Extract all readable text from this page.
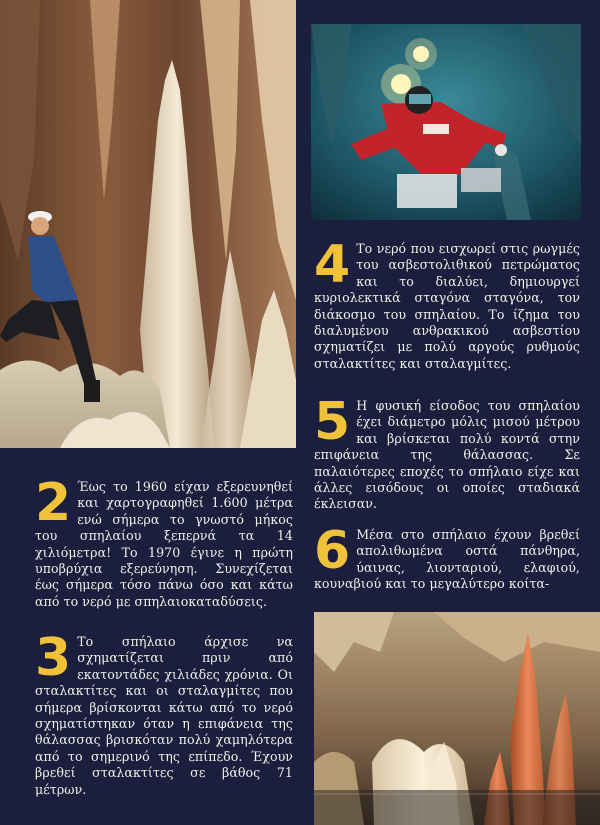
4 Το νερό που εισχωρεί στις ρωγμές του ασβεστολιθικού πετρώματος και το διαλύει, δημιουργεί κυριολεκτικά σταγόνα σταγόνα, τον διάκοσμο του σπηλαίου. Το ίζημα του διαλυμένου ανθρακικού ασβεστίου σχηματίζει με πολύ αργούς ρυθμούς σταλακτίτες και σταλαγμίτες.
5 Η φυσική είσοδος του σπηλαίου έχει διάμετρο μόλις μισού μέτρου και βρίσκεται πολύ κοντά στην επιφάνεια της θάλασσας. Σε παλαιότερες εποχές το σπήλαιο είχε και άλλες εισόδους οι οποίες σταδιακά έκλεισαν.
6 Μέσα στο σπήλαιο έχουν βρεθεί απολιθωμένα οστά πάνθηρα, ύαινας, λιονταριού, ελαφιού, κουναβιού και το μεγαλύτερο κοίτα-
2 Έως το 1960 είχαν εξερευνηθεί και χαρτογραφηθεί 1.600 μέτρα ενώ σήμερα το γνωστό μήκος του σπηλαίου ξεπερνά τα 14 χιλιόμετρα! Το 1970 έγινε η πρώτη υποβρύχια εξερεύνηση. Συνεχίζεται έως σήμερα τόσο πάνω όσο και κάτω από το νερό με σπηλαιοκαταδύσεις.
3 Το σπήλαιο άρχισε να σχηματίζεται πριν από εκατοντάδες χιλιάδες χρόνια. Οι σταλακτίτες και οι σταλαγμίτες που σήμερα βρίσκονται κάτω από το νερό σχηματίστηκαν όταν η επιφάνεια της θάλασσας βρισκόταν πολύ χαμηλότερα από το σημερινό της επίπεδο. Έχουν βρεθεί σταλακτίτες σε βάθος 71 μέτρων.
